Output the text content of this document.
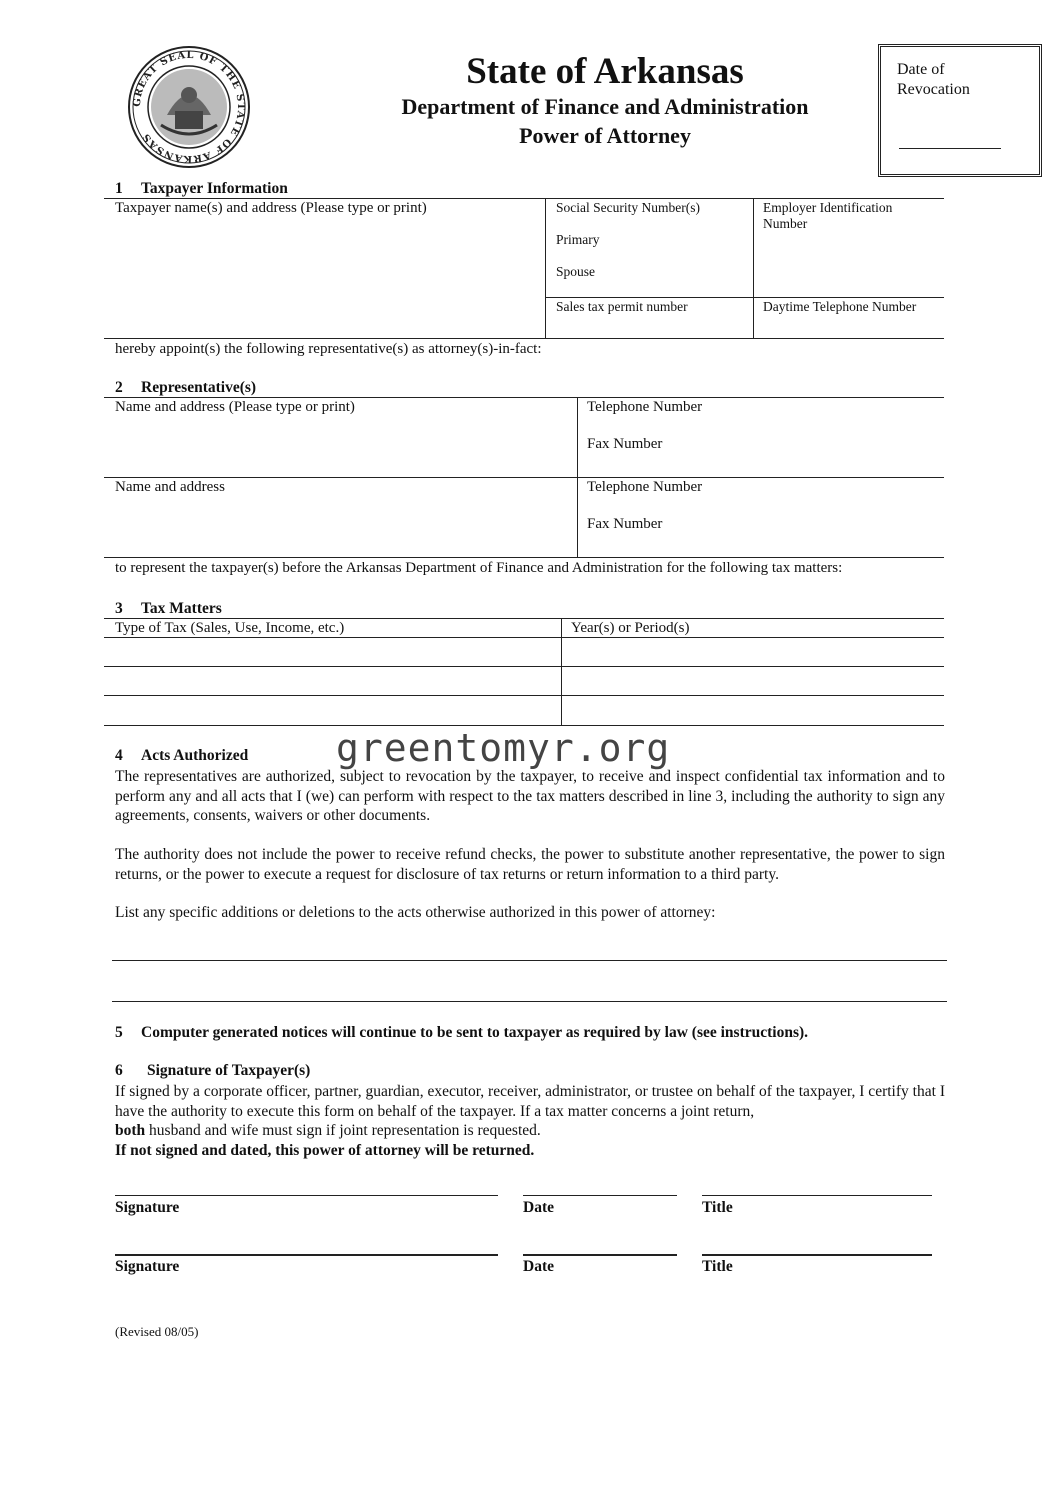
GREAT SEAL OF THE STATE OF ARKANSAS
State of Arkansas
Department of Finance and Administration
Power of Attorney
Date of
Revocation
1 Taxpayer Information
Taxpayer name(s) and address (Please type or print)	Social Security Number(s)
Primary
Spouse
Employer Identification
Number
Sales tax permit number	Daytime Telephone Number
hereby appoint(s) the following representative(s) as attorney(s)-in-fact:
2 Representative(s)
Name and address (Please type or print)	Telephone Number
Fax Number
Name and address	Telephone Number
Fax Number
to represent the taxpayer(s) before the Arkansas Department of Finance and Administration for the following tax matters:
3 Tax Matters
Type of Tax (Sales, Use, Income, etc.)	Year(s) or Period(s)
greentomyr.org
4 Acts Authorized
The representatives are authorized, subject to revocation by the taxpayer, to receive and inspect confidential tax information and to perform any and all acts that I (we) can perform with respect to the tax matters described in line 3, including the authority to sign any agreements, consents, waivers or other documents.
The authority does not include the power to receive refund checks, the power to substitute another representative, the power to sign returns, or the power to execute a request for disclosure of tax returns or return information to a third party.
List any specific additions or deletions to the acts otherwise authorized in this power of attorney:
5 Computer generated notices will continue to be sent to taxpayer as required by law (see instructions).
6 Signature of Taxpayer(s)
If signed by a corporate officer, partner, guardian, executor, receiver, administrator, or trustee on behalf of the taxpayer, I certify that I have the authority to execute this form on behalf of the taxpayer. If a tax matter concerns a joint return,
both husband and wife must sign if joint representation is requested.
If not signed and dated, this power of attorney will be returned.
Signature	Date	Title
Signature	Date	Title
(Revised 08/05)
